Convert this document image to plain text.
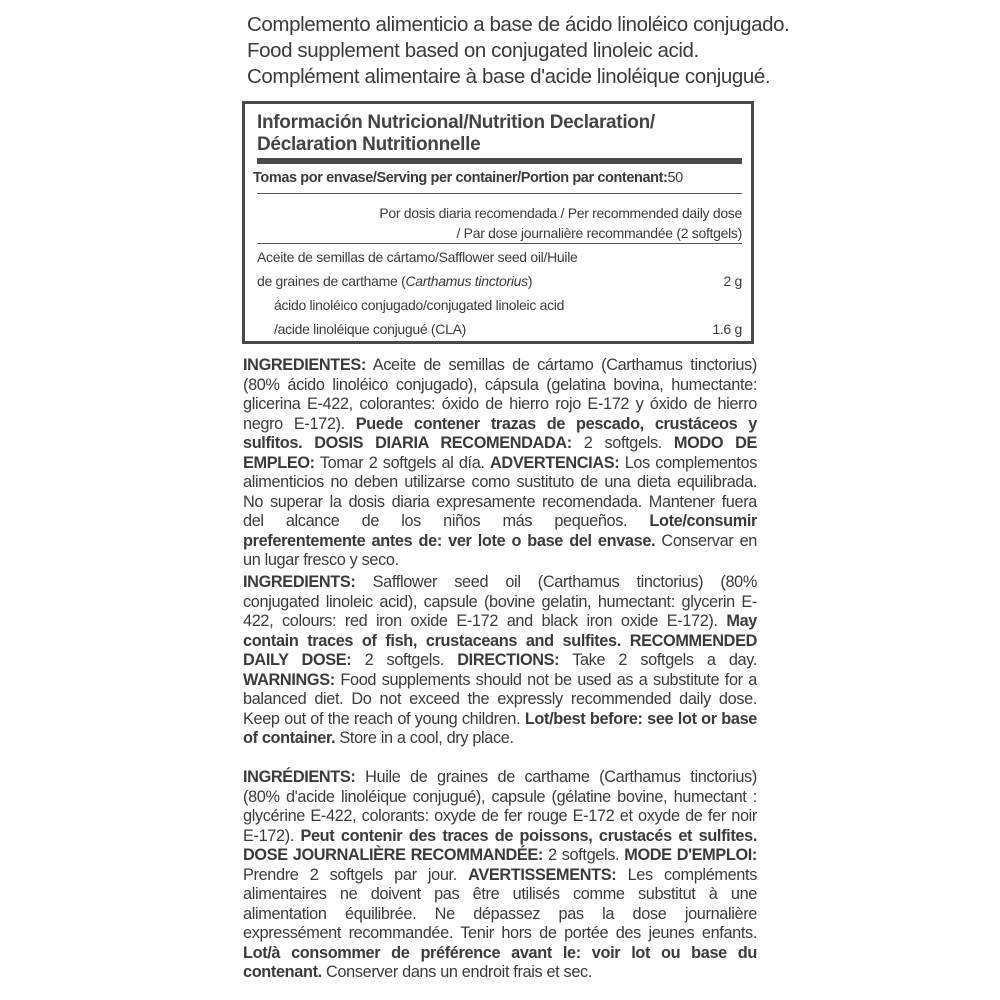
Complemento alimenticio a base de ácido linoléico conjugado.
Food supplement based on conjugated linoleic acid.
Complément alimentaire à base d'acide linoléique conjugué.
Información Nutricional/Nutrition Declaration/
Déclaration Nutritionnelle
Tomas por envase/Serving per container/Portion par contenant:50
Por dosis diaria recomendada / Per recommended daily dose
/ Par dose journalière recommandée (2 softgels)
Aceite de semillas de cártamo/Safflower seed oil/Huile
de graines de carthame (Carthamus tinctorius)	2 g
ácido linoléico conjugado/conjugated linoleic acid
/acide linoléique conjugué (CLA)	1.6 g
INGREDIENTES: Aceite de semillas de cártamo (Carthamus tinctorius) (80% ácido linoléico conjugado), cápsula (gelatina bovina, humectante: glicerina E-422, colorantes: óxido de hierro rojo E-172 y óxido de hierro negro E-172). Puede contener trazas de pescado, crustáceos y sulfitos. DOSIS DIARIA RECOMENDADA: 2 softgels. MODO DE EMPLEO: Tomar 2 softgels al día. ADVERTENCIAS: Los complementos alimenticios no deben utilizarse como sustituto de una dieta equilibrada. No superar la dosis diaria expresamente recomendada. Mantener fuera del alcance de los niños más pequeños. Lote/consumir preferentemente antes de: ver lote o base del envase. Conservar en un lugar fresco y seco.
INGREDIENTS: Safflower seed oil (Carthamus tinctorius) (80% conjugated linoleic acid), capsule (bovine gelatin, humectant: glycerin E-422, colours: red iron oxide E-172 and black iron oxide E-172). May contain traces of fish, crustaceans and sulfites. RECOMMENDED DAILY DOSE: 2 softgels. DIRECTIONS: Take 2 softgels a day. WARNINGS: Food supplements should not be used as a substitute for a balanced diet. Do not exceed the expressly recommended daily dose. Keep out of the reach of young children. Lot/best before: see lot or base of container. Store in a cool, dry place.
INGRÉDIENTS: Huile de graines de carthame (Carthamus tinctorius) (80% d'acide linoléique conjugué), capsule (gélatine bovine, humectant : glycérine E-422, colorants: oxyde de fer rouge E-172 et oxyde de fer noir E-172). Peut contenir des traces de poissons, crustacés et sulfites. DOSE JOURNALIÈRE RECOMMANDÉE: 2 softgels. MODE D'EMPLOI: Prendre 2 softgels par jour. AVERTISSEMENTS: Les compléments alimentaires ne doivent pas être utilisés comme substitut à une alimentation équilibrée. Ne dépassez pas la dose journalière expressément recommandée. Tenir hors de portée des jeunes enfants. Lot/à consommer de préférence avant le: voir lot ou base du contenant. Conserver dans un endroit frais et sec.
